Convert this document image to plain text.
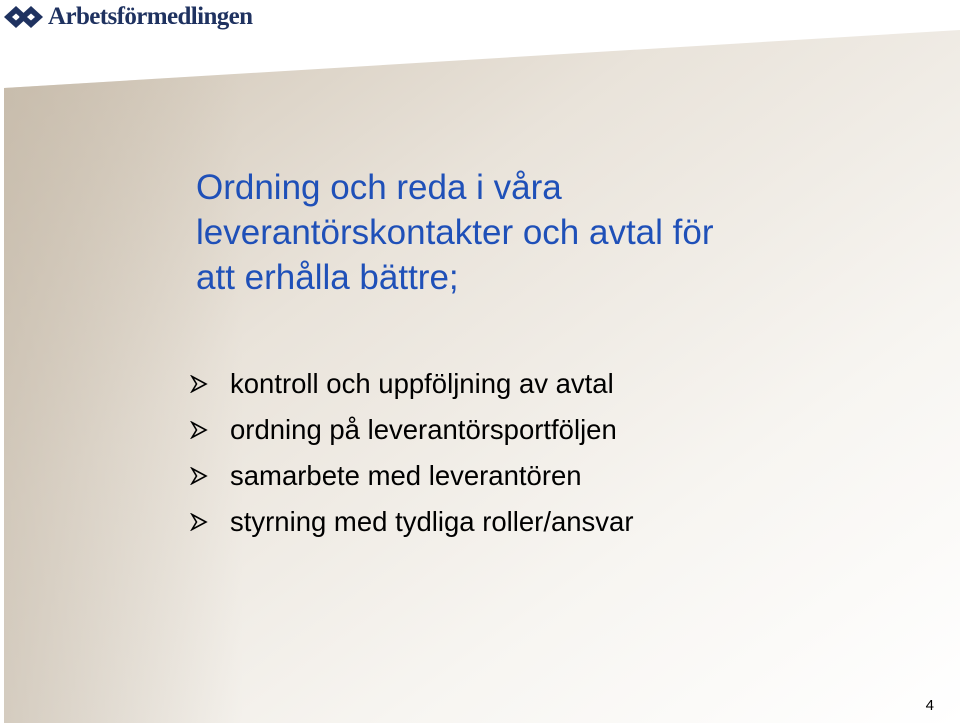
Arbetsförmedlingen
Ordning och reda i våra
leverantörskontakter och avtal för
att erhålla bättre;
kontroll och uppföljning av avtal
ordning på leverantörsportföljen
samarbete med leverantören
styrning med tydliga roller/ansvar
4
